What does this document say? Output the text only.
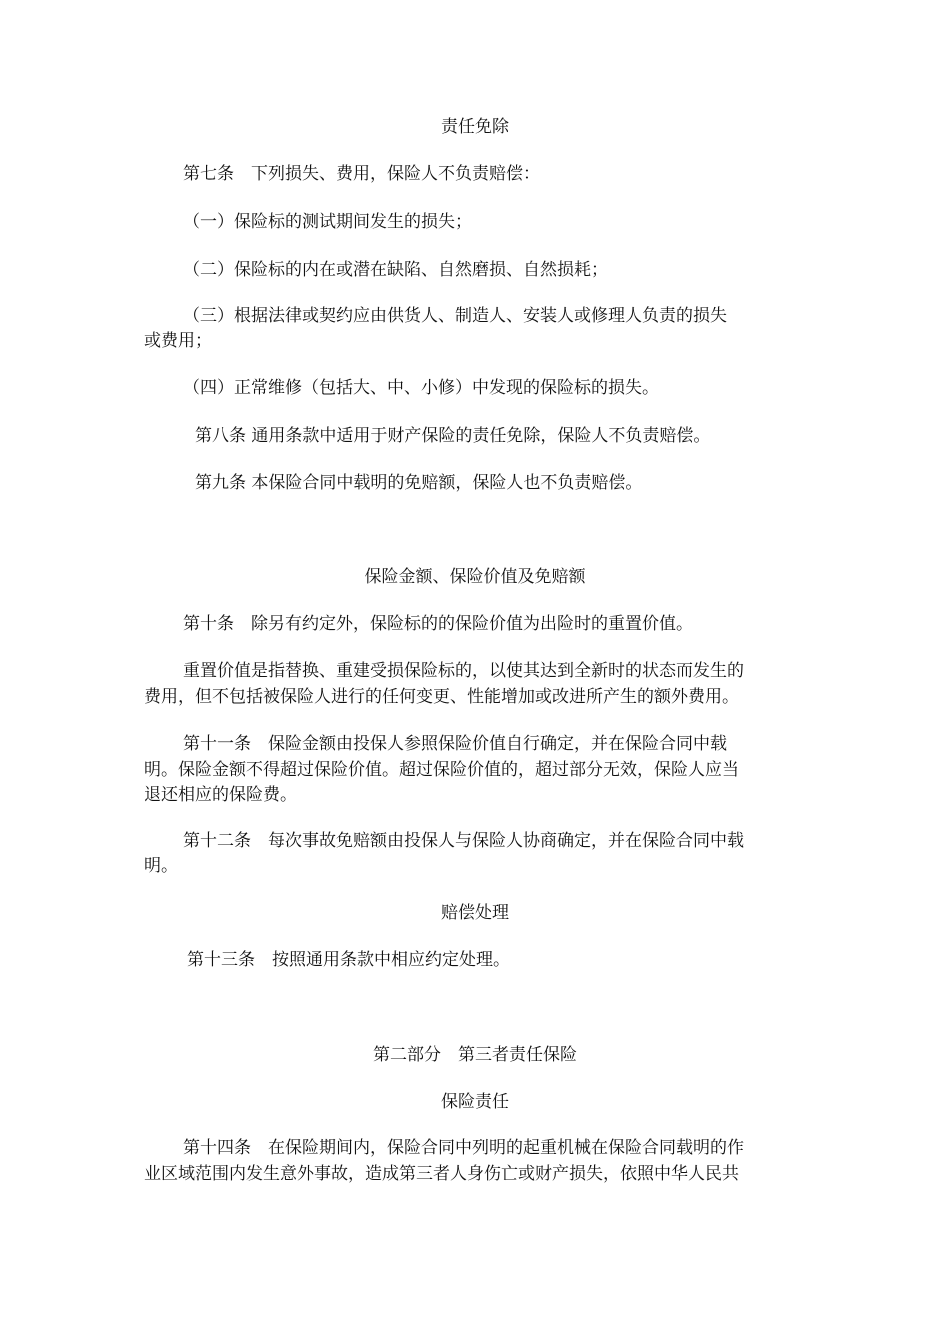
责任免除
第七条　下列损失、费用，保险人不负责赔偿：
（一）保险标的测试期间发生的损失；
（二）保险标的内在或潜在缺陷、自然磨损、自然损耗；
（三）根据法律或契约应由供货人、制造人、安装人或修理人负责的损失
或费用；
（四）正常维修（包括大、中、小修）中发现的保险标的损失。
第八条 通用条款中适用于财产保险的责任免除，保险人不负责赔偿。
第九条 本保险合同中载明的免赔额，保险人也不负责赔偿。
保险金额、保险价值及免赔额
第十条　除另有约定外，保险标的的保险价值为出险时的重置价值。
重置价值是指替换、重建受损保险标的，以使其达到全新时的状态而发生的
费用，但不包括被保险人进行的任何变更、性能增加或改进所产生的额外费用。
第十一条　保险金额由投保人参照保险价值自行确定，并在保险合同中载
明。保险金额不得超过保险价值。超过保险价值的，超过部分无效，保险人应当
退还相应的保险费。
第十二条　每次事故免赔额由投保人与保险人协商确定，并在保险合同中载
明。
赔偿处理
第十三条　按照通用条款中相应约定处理。
第二部分　第三者责任保险
保险责任
第十四条　在保险期间内，保险合同中列明的起重机械在保险合同载明的作
业区域范围内发生意外事故，造成第三者人身伤亡或财产损失，依照中华人民共
